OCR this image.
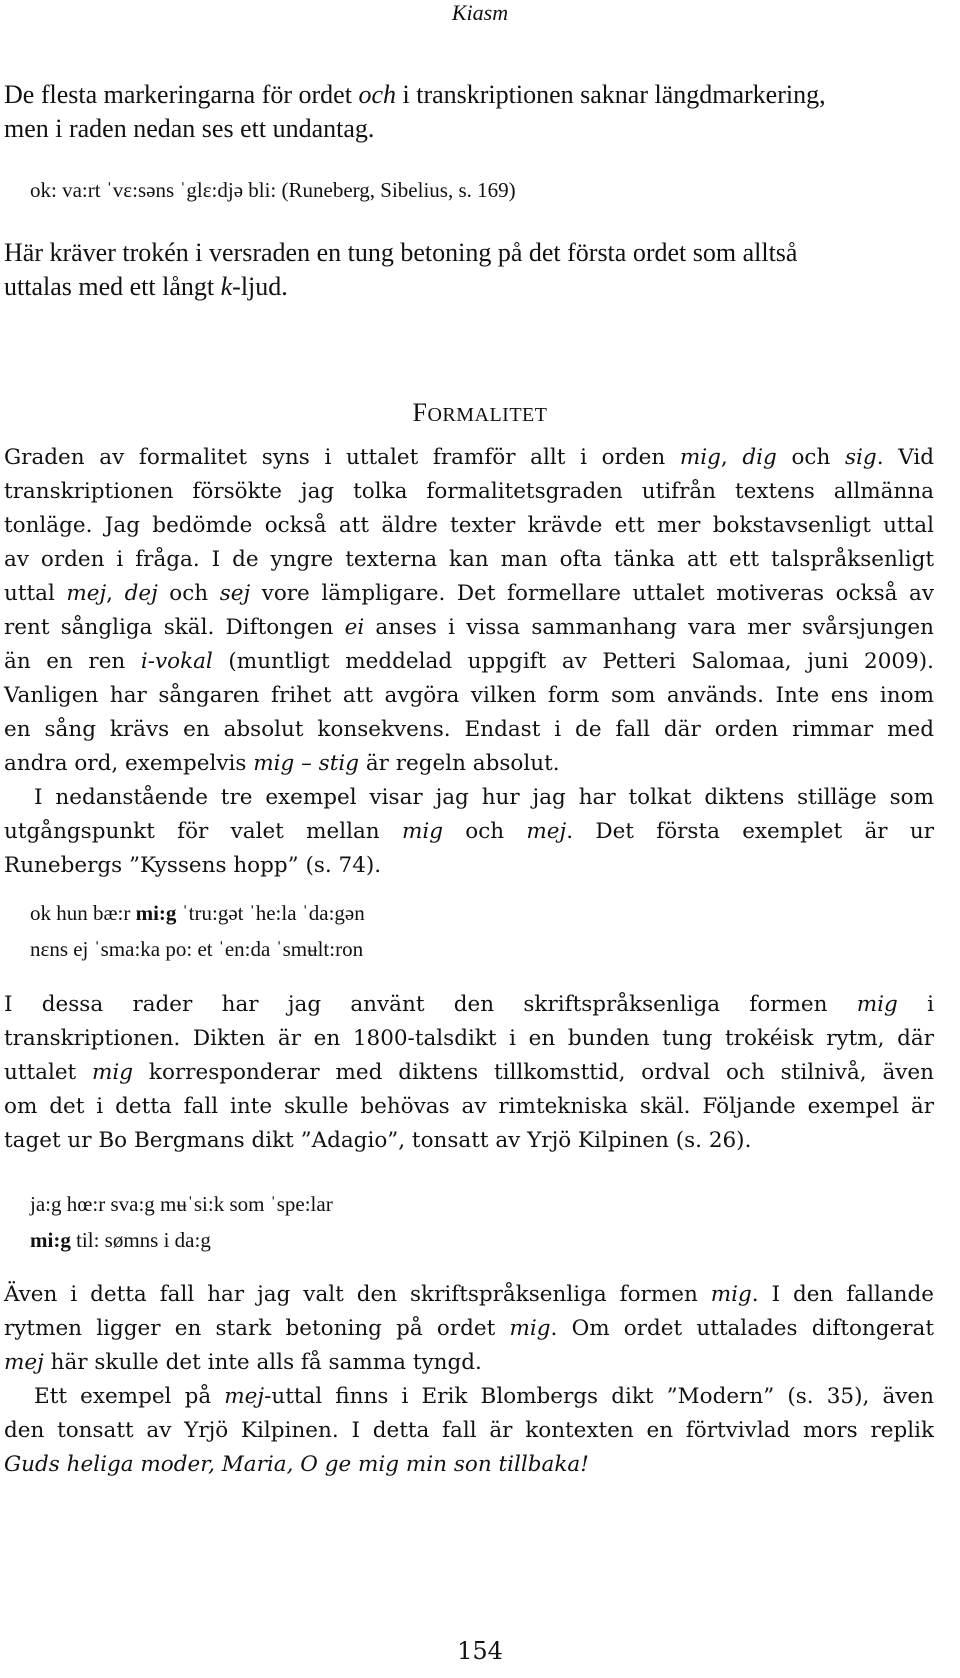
Kiasm
De flesta markeringarna för ordet och i transkriptionen saknar längdmarkering,
men i raden nedan ses ett undantag.
ok: va:rt ˈvɛ:səns ˈglɛ:djə bli: (Runeberg, Sibelius, s. 169)
Här kräver trokén i versraden en tung betoning på det första ordet som alltså
uttalas med ett långt k-ljud.
FORMALITET
Graden av formalitet syns i uttalet framför allt i orden mig, dig och sig. Vid
transkriptionen försökte jag tolka formalitetsgraden utifrån textens allmänna
tonläge. Jag bedömde också att äldre texter krävde ett mer bokstavsenligt uttal
av orden i fråga. I de yngre texterna kan man ofta tänka att ett talspråksenligt
uttal mej, dej och sej vore lämpligare. Det formellare uttalet motiveras också av
rent sångliga skäl. Diftongen ei anses i vissa sammanhang vara mer svårsjungen
än en ren i-vokal (muntligt meddelad uppgift av Petteri Salomaa, juni 2009).
Vanligen har sångaren frihet att avgöra vilken form som används. Inte ens inom
en sång krävs en absolut konsekvens. Endast i de fall där orden rimmar med
andra ord, exempelvis mig – stig är regeln absolut.
I nedanstående tre exempel visar jag hur jag har tolkat diktens stilläge som
utgångspunkt för valet mellan mig och mej. Det första exemplet är ur
Runebergs ”Kyssens hopp” (s. 74).
ok hun bæ:r mi:g ˈtru:gət ˈhe:la ˈda:gən
nɛns ej ˈsma:ka po: et ˈen:da ˈsmʉlt:ron
I dessa rader har jag använt den skriftspråksenliga formen mig i
transkriptionen. Dikten är en 1800-talsdikt i en bunden tung trokéisk rytm, där
uttalet mig korresponderar med diktens tillkomsttid, ordval och stilnivå, även
om det i detta fall inte skulle behövas av rimtekniska skäl. Följande exempel är
taget ur Bo Bergmans dikt ”Adagio”, tonsatt av Yrjö Kilpinen (s. 26).
ja:g hœ:r sva:g mʉˈsi:k som ˈspe:lar
mi:g til: sømns i da:g
Även i detta fall har jag valt den skriftspråksenliga formen mig. I den fallande
rytmen ligger en stark betoning på ordet mig. Om ordet uttalades diftongerat
mej här skulle det inte alls få samma tyngd.
Ett exempel på mej-uttal finns i Erik Blombergs dikt ”Modern” (s. 35), även
den tonsatt av Yrjö Kilpinen. I detta fall är kontexten en förtvivlad mors replik
Guds heliga moder, Maria, O ge mig min son tillbaka!
154
